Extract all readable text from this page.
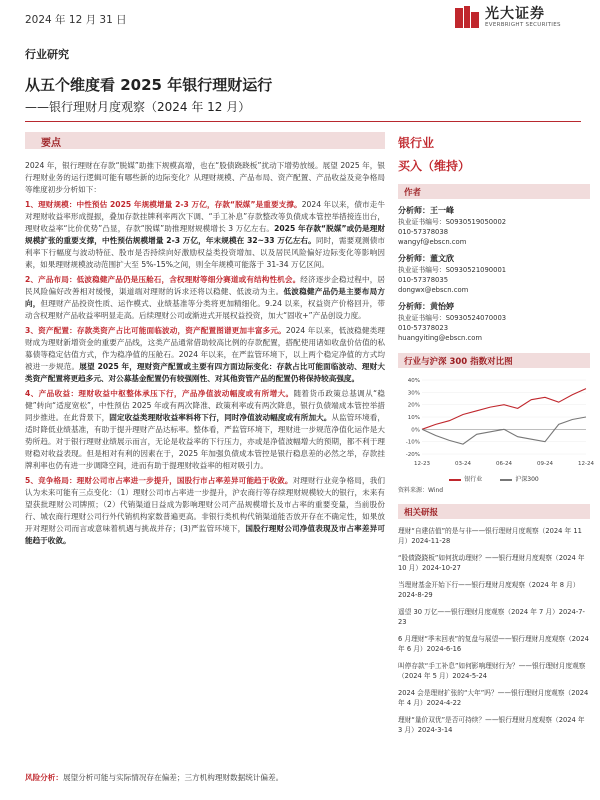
2024 年 12 月 31 日	光大证券
EVERBRIGHT SECURITIES
行业研究
从五个维度看 2025 年银行理财运行
——银行理财月度观察（2024 年 12 月）
要点

2024 年，银行理财在存款“脱媒”助推下规模高增，也在“股债跷跷板”扰动下增势放缓。展望 2025 年，银行理财业务的运行逻辑可能有哪些新的边际变化？从理财规模、产品布局、资产配置、产品收益及竞争格局等维度初步分析如下：

1、理财规模：中性预估 2025 年规模增量 2-3 万亿，存款“脱媒”是重要支撑。2024 年以来，债市走牛对理财收益率形成提振，叠加存款挂牌利率两次下调、“手工补息”存款整改等负债成本管控举措接连出台，理财收益率“比价优势”凸显，存款“脱媒”助推理财规模增长 3 万亿左右。2025 年存款“脱媒”或仍是理财规模扩张的重要支撑，中性预估规模增量 2-3 万亿，年末规模在 32~33 万亿左右。同时，需要观测债市利率下行幅度与波动特征、股市是否持续向好激励权益类投资增加、以及居民风险偏好边际变化等影响因素，如果理财规模波动范围扩大至 5%-15%之间，则全年规模可能落于 31-34 万亿区间。

2、产品布局：低波稳健产品仍是压舱石，含权理财等细分赛道或有结构性机会。经济逐步企稳过程中，居民风险偏好改善相对缓慢，渠道端对理财的诉求还将以稳健、低波动为主。低波稳健产品仍是主要布局方向，但理财产品投资性质、运作模式、业绩基准等分类将更加精细化。9.24 以来，权益资产价格回升，带动含权理财产品收益率明显走高。后续理财公司或渐进式开展权益投资，加大“固收+”产品创设力度。

3、资产配置：存款类资产占比可能面临波动，资产配置图谱更加丰富多元。2024 年以来，低波稳健类理财成为理财新增资金的重要产品线，这类产品通常借助较高比例的存款配置，搭配使用诸如收盘价估值的私募债等稳定估值方式，作为稳净值的压舱石。2024 年以来，在严监管环境下，以上两个稳定净值的方式均被进一步规范。展望 2025 年，理财资产配置或主要有四方面边际变化：存款占比可能面临波动、理财大类资产配置将更趋多元、对公募基金配置仍有较强刚性、对其他资管产品的配置仍将保持较高强度。

4、产品收益：理财收益中枢整体承压下行，产品净值波动幅度或有所增大。随着货币政策总基调从“稳健”转向“适度宽松”，中性预估 2025 年或有两次降准、政策利率或有两次降息，银行负债端成本管控举措同步推进。在此背景下，固定收益类理财收益率料将下行，同时净值波动幅度或有所加大。从监管环境看，适时降低业绩基准，有助于提升理财产品达标率。整体看，严监管环境下，理财进一步规范净值化运作是大势所趋。对于银行理财业绩展示而言，无论是收益率的下行压力，亦或是净值波幅增大的预期，都不利于理财稳对收益表现。但是相对有利的因素在于，2025 年加强负债成本管控是银行稳息差的必然之举，存款挂牌利率也仍有进一步调降空间，进而有助于提理财收益率的相对吸引力。

5、竞争格局：理财公司市占率进一步提升，国股行市占率差异可能趋于收敛。对理财行业竞争格局，我们认为未来可能有三点变化：（1）理财公司市占率进一步提升，沪农商行等存续理财规模较大的银行，未来有望获批理财公司牌照；（2）代销渠道日益成为影响理财公司产品规模增长及市占率的重要变量，当前股份行、城农商行理财公司行外代销机构家数普遍更高。非银行类机构代销渠道能否放开存在不确定性，如果放开对理财公司而言或意味着机遇与挑战并存；(3)严监管环境下，国股行理财公司净值表现及市占率差异可能趋于收敛。

风险分析：展望分析可能与实际情况存在偏差；三方机构理财数据统计偏差。
银行业
买入（维持）
作者
分析师：王一峰
执业证书编号：S0930519050002
010-57378038
wangyf@ebscn.com
分析师：董文欣
执业证书编号：S0930521090001
010-57378035
dongwx@ebscn.com
分析师：黄怡婷
执业证书编号：S0930524070003
010-57378023
huangyiting@ebscn.com
行业与沪深 300 指数对比图
40%
30%
20%
10%
0%
-10%
-20%
12-23	03-24	06-24	09-24	12-24
银行业	沪深300
资料来源：Wind
相关研报
理财“自建估值”的是与非——银行理财月度观察（2024 年 11 月）2024-11-28
“股债跷跷板”如何扰动理财？——银行理财月度观察（2024 年 10 月）2024-10-27
当理财基金开始下行——银行理财月度观察（2024 年 8 月）2024-8-29
遥望 30 万亿——银行理财月度观察（2024 年 7 月）2024-7-23
6 月理财“季末回表”的复盘与展望——银行理财月度观察（2024 年 6 月）2024-6-16
叫停存款“手工补息”如何影响理财行为？——银行理财月度观察（2024 年 5 月）2024-5-24
2024 会是理财扩张的“大年”吗？——银行理财月度观察（2024 年 4 月）2024-4-22
理财“量价双优”是否可持续？——银行理财月度观察（2024 年 3 月）2024-3-14
